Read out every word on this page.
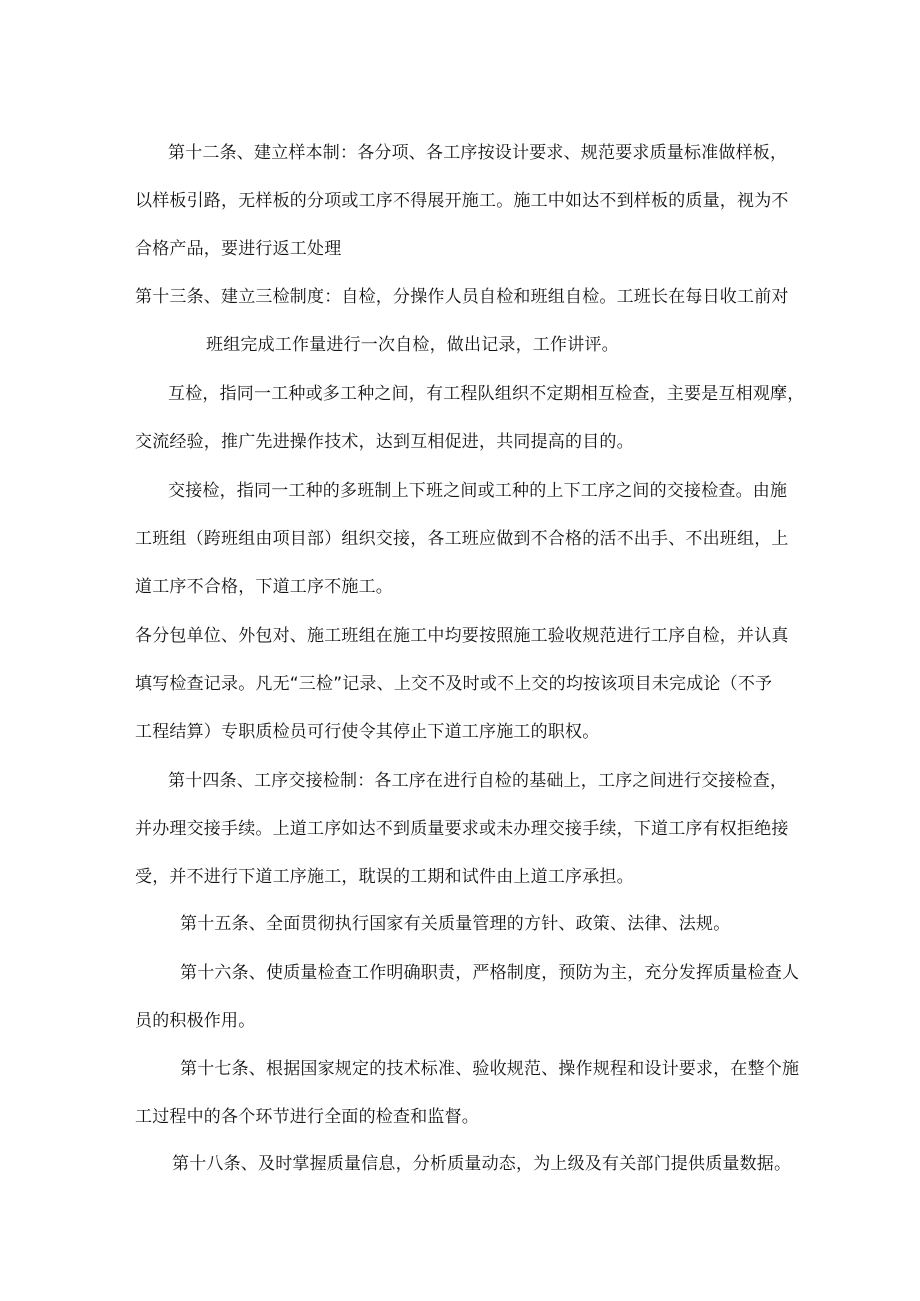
第十二条、建立样本制：各分项、各工序按设计要求、规范要求质量标准做样板，
以样板引路，无样板的分项或工序不得展开施工。施工中如达不到样板的质量，视为不
合格产品，要进行返工处理
第十三条、建立三检制度：自检，分操作人员自检和班组自检。工班长在每日收工前对
班组完成工作量进行一次自检，做出记录，工作讲评。
互检，指同一工种或多工种之间，有工程队组织不定期相互检查，主要是互相观摩，
交流经验，推广先进操作技术，达到互相促进，共同提高的目的。
交接检，指同一工种的多班制上下班之间或工种的上下工序之间的交接检查。由施
工班组（跨班组由项目部）组织交接，各工班应做到不合格的活不出手、不出班组，上
道工序不合格，下道工序不施工。
各分包单位、外包对、施工班组在施工中均要按照施工验收规范进行工序自检，并认真
填写检查记录。凡无“三检”记录、上交不及时或不上交的均按该项目未完成论（不予
工程结算）专职质检员可行使令其停止下道工序施工的职权。
第十四条、工序交接检制：各工序在进行自检的基础上，工序之间进行交接检查，
并办理交接手续。上道工序如达不到质量要求或未办理交接手续，下道工序有权拒绝接
受，并不进行下道工序施工，耽误的工期和试件由上道工序承担。
第十五条、全面贯彻执行国家有关质量管理的方针、政策、法律、法规。
第十六条、使质量检查工作明确职责，严格制度，预防为主，充分发挥质量检查人
员的积极作用。
第十七条、根据国家规定的技术标准、验收规范、操作规程和设计要求，在整个施
工过程中的各个环节进行全面的检查和监督。
第十八条、及时掌握质量信息，分析质量动态，为上级及有关部门提供质量数据。
